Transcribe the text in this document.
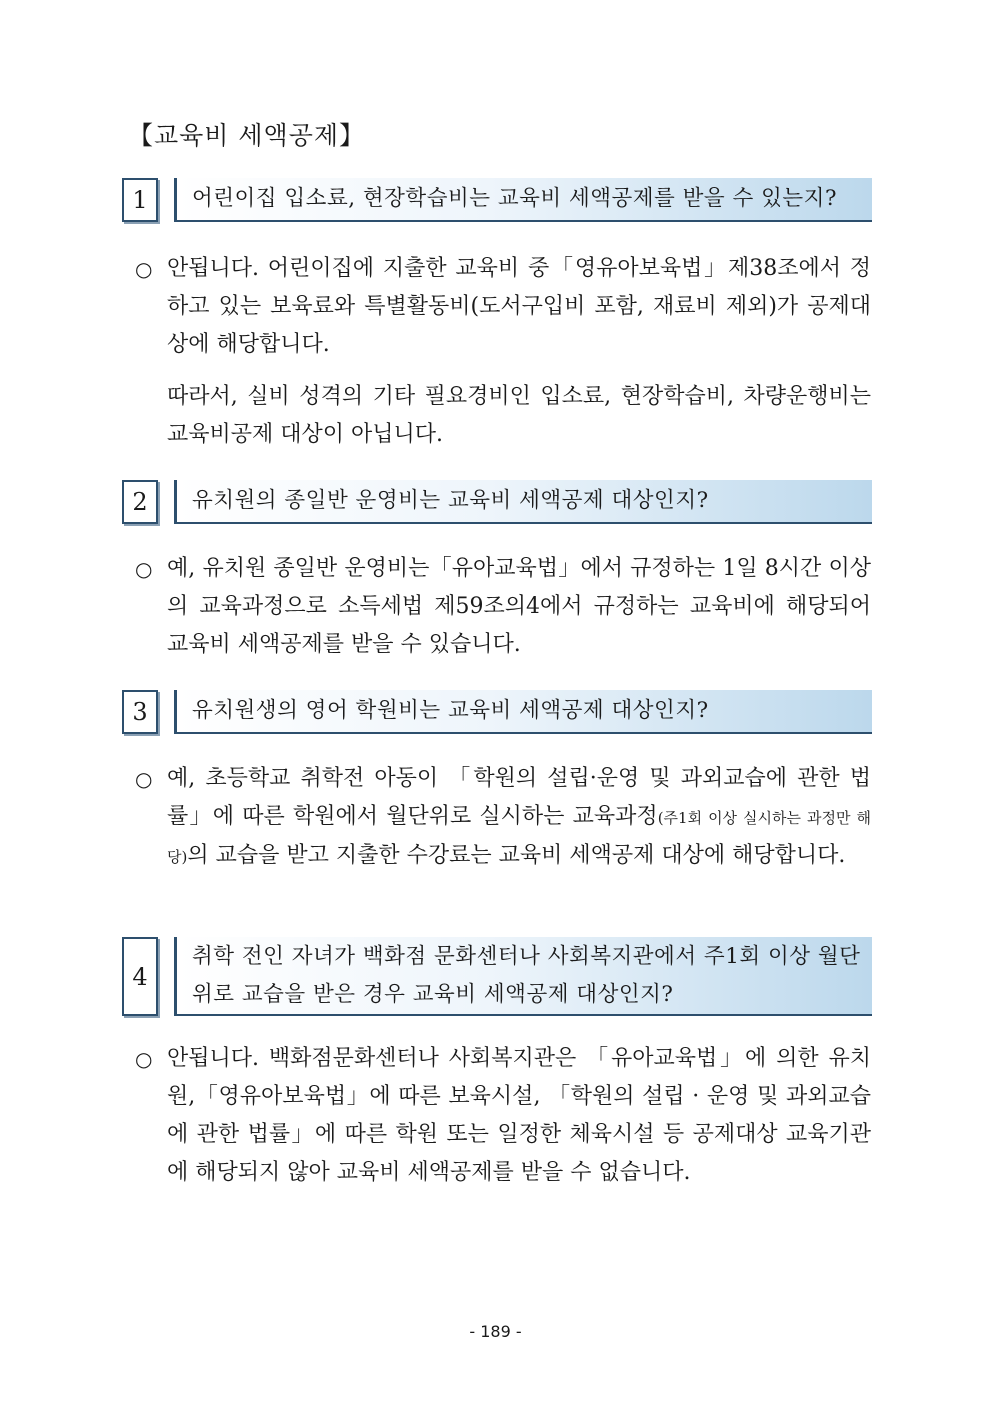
【교육비 세액공제】
1	어린이집 입소료, 현장학습비는 교육비 세액공제를 받을 수 있는지?
○ 안됩니다. 어린이집에 지출한 교육비 중「영유아보육법」제38조에서 정하고 있는 보육료와 특별활동비(도서구입비 포함, 재료비 제외)가 공제대상에 해당합니다.
따라서, 실비 성격의 기타 필요경비인 입소료, 현장학습비, 차량운행비는 교육비공제 대상이 아닙니다.
2	유치원의 종일반 운영비는 교육비 세액공제 대상인지?
○ 예, 유치원 종일반 운영비는「유아교육법」에서 규정하는 1일 8시간 이상의 교육과정으로 소득세법 제59조의4에서 규정하는 교육비에 해당되어 교육비 세액공제를 받을 수 있습니다.
3	유치원생의 영어 학원비는 교육비 세액공제 대상인지?
○ 예, 초등학교 취학전 아동이 「학원의 설립·운영 및 과외교습에 관한 법률」에 따른 학원에서 월단위로 실시하는 교육과정(주1회 이상 실시하는 과정만 해당)의 교습을 받고 지출한 수강료는 교육비 세액공제 대상에 해당합니다.
4
취학 전인 자녀가 백화점 문화센터나 사회복지관에서 주1회 이상 월단위로 교습을 받은 경우 교육비 세액공제 대상인지?
○ 안됩니다. 백화점문화센터나 사회복지관은 「유아교육법」에 의한 유치원,「영유아보육법」에 따른 보육시설, 「학원의 설립 · 운영 및 과외교습에 관한 법률」에 따른 학원 또는 일정한 체육시설 등 공제대상 교육기관에 해당되지 않아 교육비 세액공제를 받을 수 없습니다.
- 189 -
